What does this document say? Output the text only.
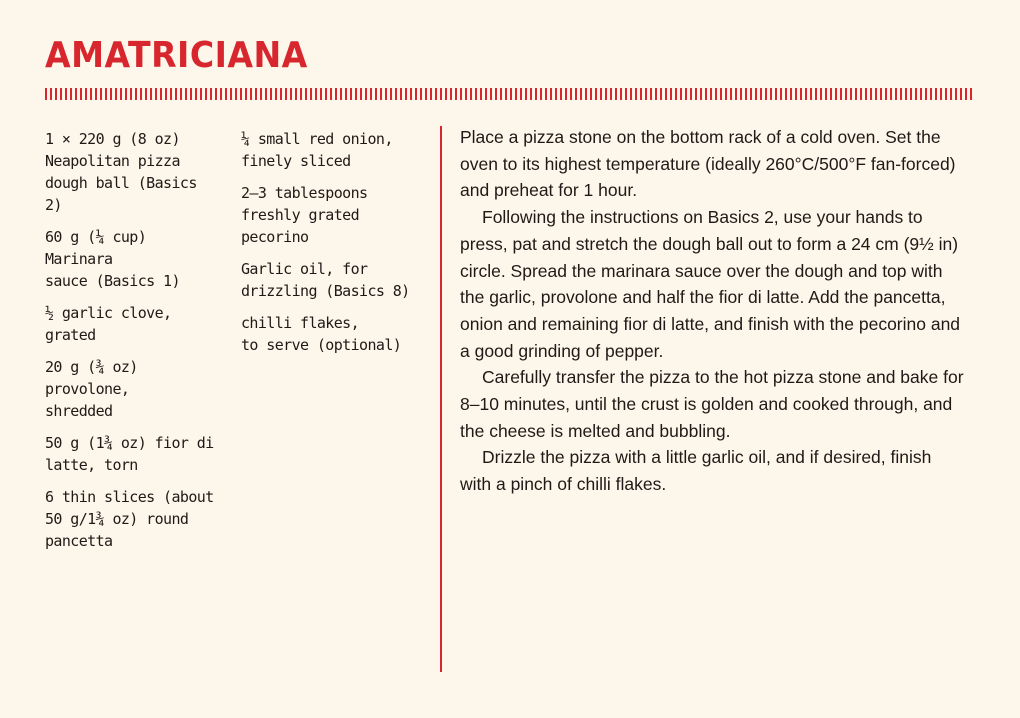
AMATRICIANA
1 × 220 g (8 oz)
Neapolitan pizza
dough ball (Basics 2)
60 g (¼ cup) Marinara
sauce (Basics 1)
½ garlic clove, grated
20 g (¾ oz) provolone,
shredded
50 g (1¾ oz) fior di
latte, torn
6 thin slices (about
50 g/1¾ oz) round
pancetta
¼ small red onion,
finely sliced
2–3 tablespoons
freshly grated
pecorino
Garlic oil, for
drizzling (Basics 8)
chilli flakes,
to serve (optional)

Place a pizza stone on the bottom rack of a cold oven. Set the oven to its highest temperature (ideally 260°C/500°F fan-forced) and preheat for 1 hour.

Following the instructions on Basics 2, use your hands to press, pat and stretch the dough ball out to form a 24 cm (9½ in) circle. Spread the marinara sauce over the dough and top with the garlic, provolone and half the fior di latte. Add the pancetta, onion and remaining fior di latte, and finish with the pecorino and a good grinding of pepper.

Carefully transfer the pizza to the hot pizza stone and bake for 8–10 minutes, until the crust is golden and cooked through, and the cheese is melted and bubbling.

Drizzle the pizza with a little garlic oil, and if desired, finish with a pinch of chilli flakes.
